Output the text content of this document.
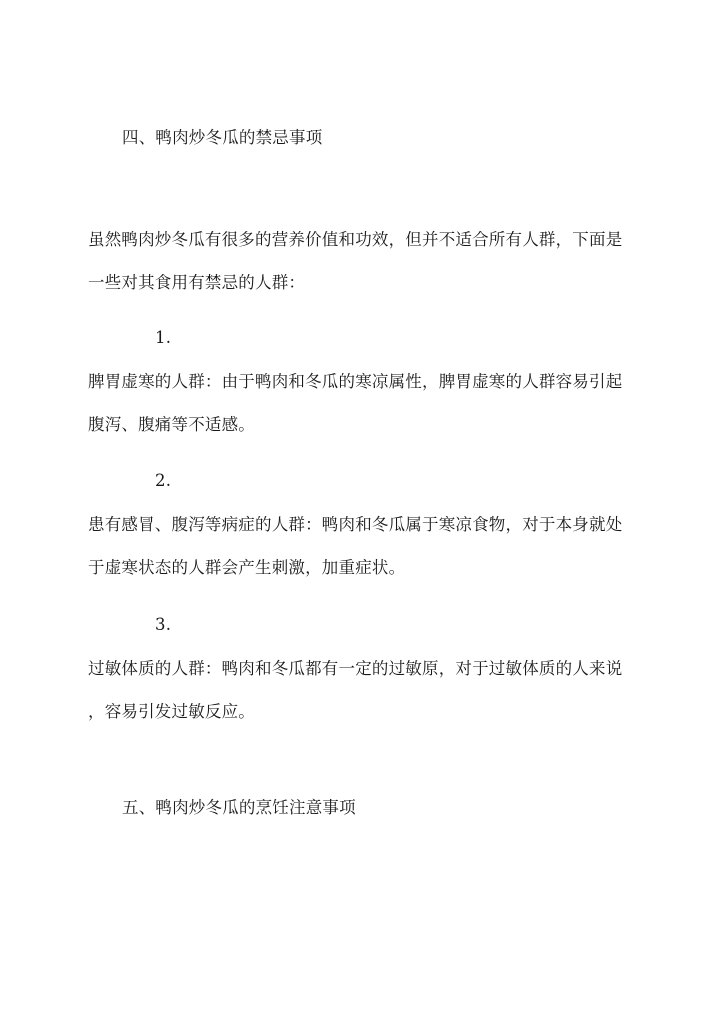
四、鸭肉炒冬瓜的禁忌事项
虽然鸭肉炒冬瓜有很多的营养价值和功效，但并不适合所有人群，下面是
一些对其食用有禁忌的人群：
1.
脾胃虚寒的人群：由于鸭肉和冬瓜的寒凉属性，脾胃虚寒的人群容易引起
腹泻、腹痛等不适感。
2.
患有感冒、腹泻等病症的人群：鸭肉和冬瓜属于寒凉食物，对于本身就处
于虚寒状态的人群会产生刺激，加重症状。
3.
过敏体质的人群：鸭肉和冬瓜都有一定的过敏原，对于过敏体质的人来说
，容易引发过敏反应。
五、鸭肉炒冬瓜的烹饪注意事项
